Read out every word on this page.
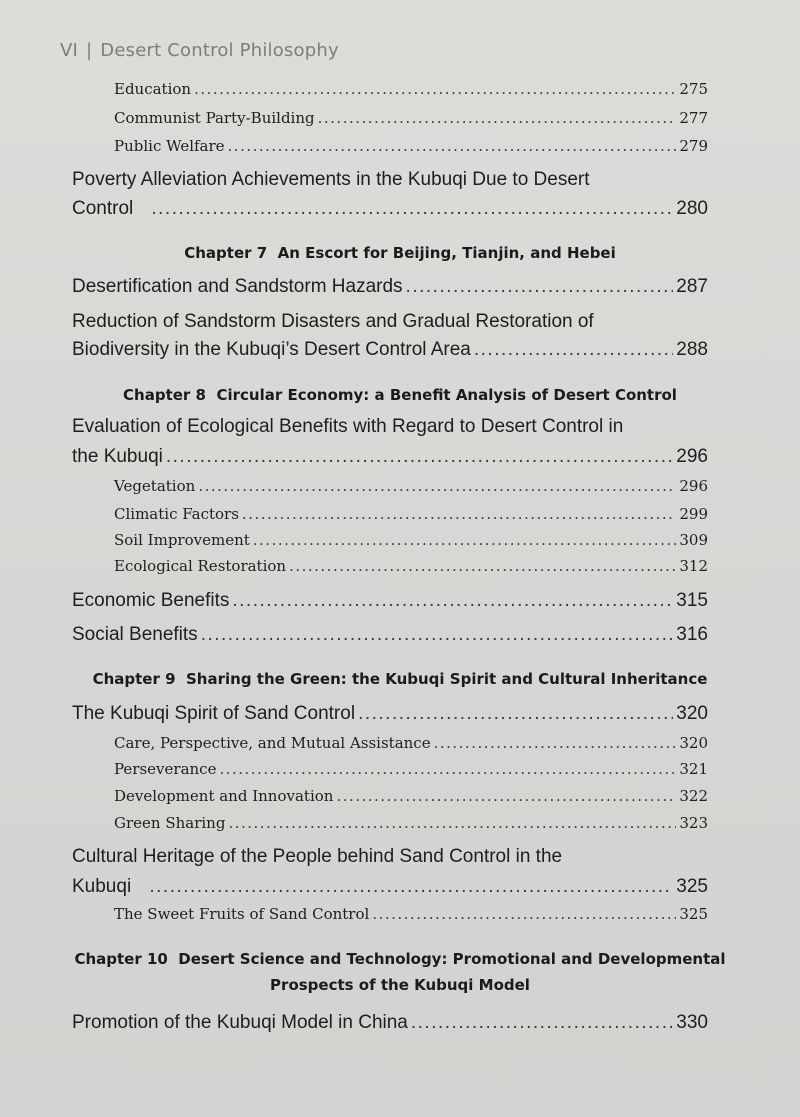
VI | Desert Control Philosophy
Education .....	275
Communist Party-Building .....	277
Public Welfare .....	279
Poverty Alleviation Achievements in the Kubuqi Due to Desert
Control .....	280
Chapter 7 An Escort for Beijing, Tianjin, and Hebei
Desertification and Sandstorm Hazards .....	287
Reduction of Sandstorm Disasters and Gradual Restoration of
Biodiversity in the Kubuqi’s Desert Control Area .....	288
Chapter 8 Circular Economy: a Benefit Analysis of Desert Control
Evaluation of Ecological Benefits with Regard to Desert Control in
the Kubuqi .....	296
Vegetation .....	296
Climatic Factors .....	299
Soil Improvement .....	309
Ecological Restoration .....	312
Economic Benefits .....	315
Social Benefits .....	316
Chapter 9 Sharing the Green: the Kubuqi Spirit and Cultural Inheritance
The Kubuqi Spirit of Sand Control .....	320
Care, Perspective, and Mutual Assistance .....	320
Perseverance .....	321
Development and Innovation .....	322
Green Sharing .....	323
Cultural Heritage of the People behind Sand Control in the
Kubuqi .....	325
The Sweet Fruits of Sand Control .....	325
Chapter 10 Desert Science and Technology: Promotional and Developmental
Prospects of the Kubuqi Model
Promotion of the Kubuqi Model in China .....	330
